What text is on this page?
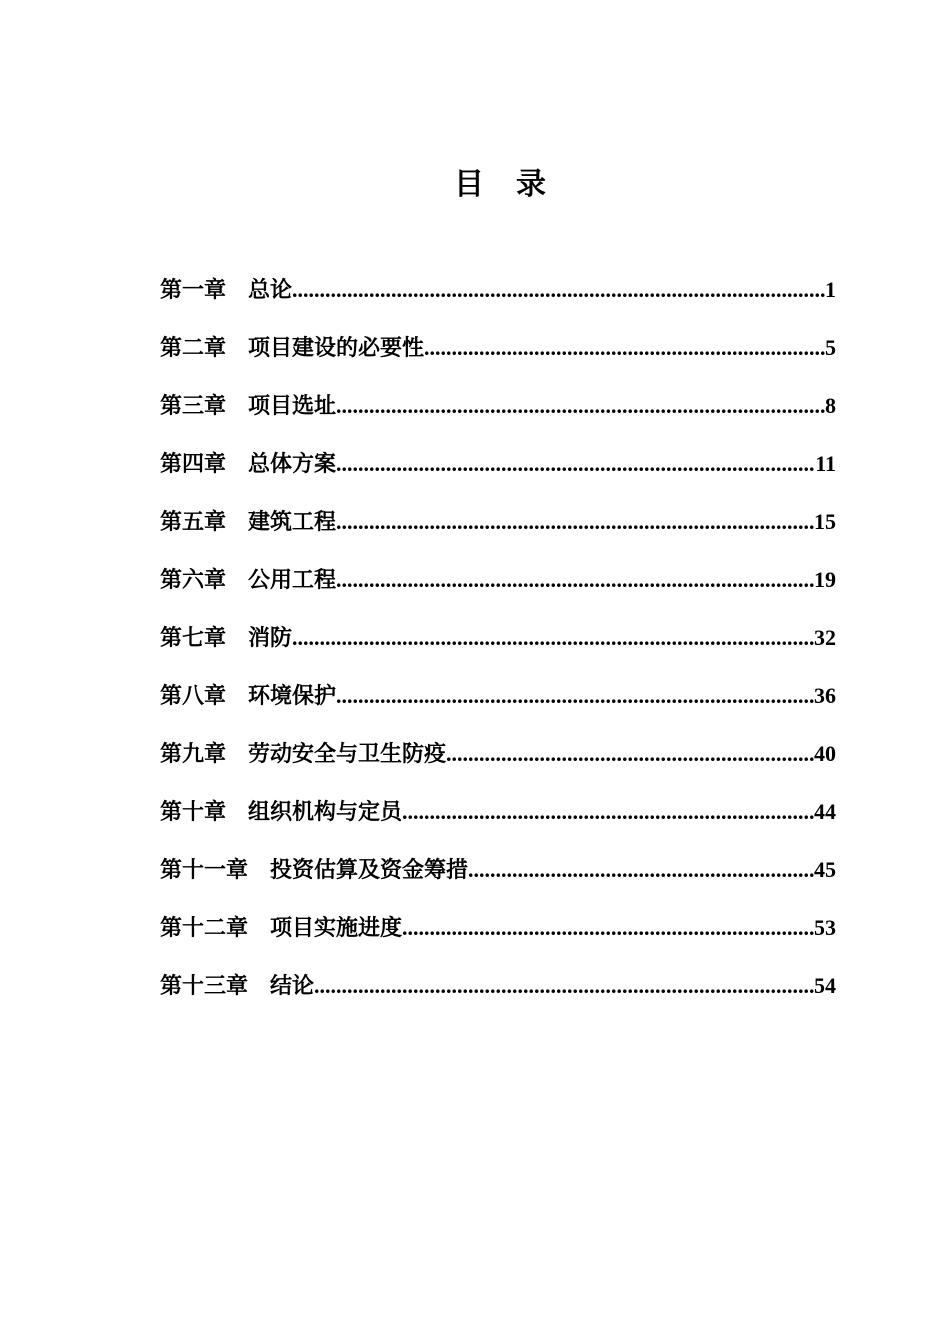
目 录
第一章 总论 .....	1
第二章 项目建设的必要性 .....	5
第三章 项目选址 .....	8
第四章 总体方案 .....	11
第五章 建筑工程 .....	15
第六章 公用工程 .....	19
第七章 消防 .....	32
第八章 环境保护 .....	36
第九章 劳动安全与卫生防疫 .....	40
第十章 组织机构与定员 .....	44
第十一章 投资估算及资金筹措 .....	45
第十二章 项目实施进度 .....	53
第十三章 结论 .....	54
